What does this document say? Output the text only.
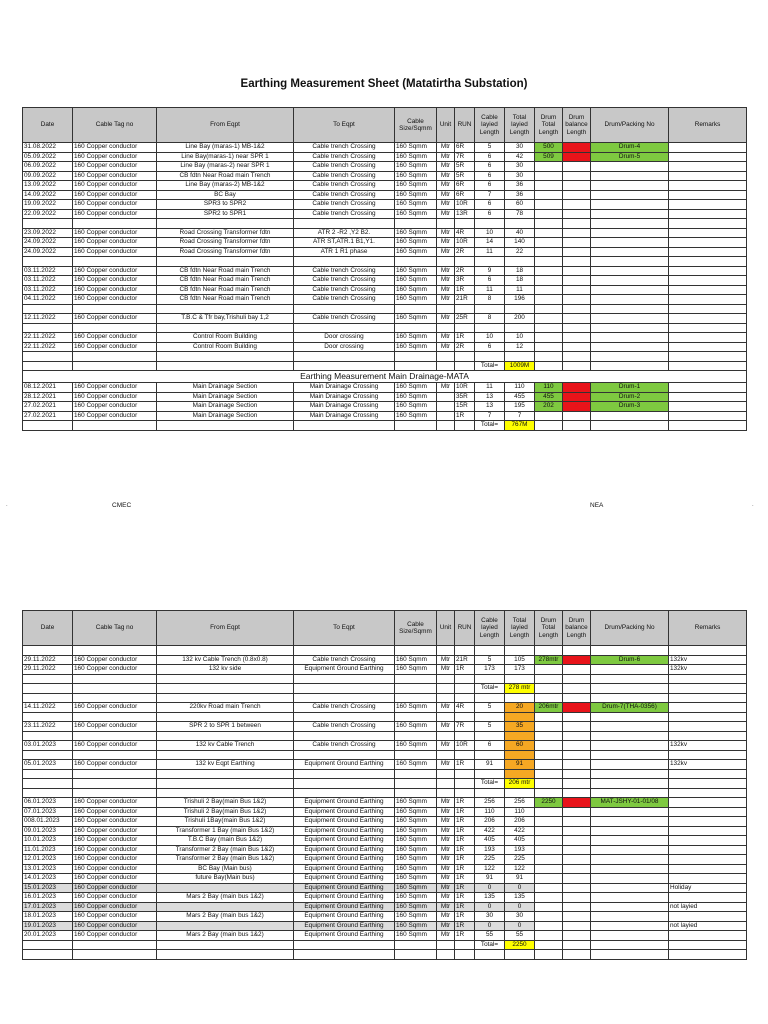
Earthing Measurement Sheet (Matatirtha Substation)
Date	Cable Tag no	From Eqpt	To Eqpt	Cable Size/Sqmm	Unit	RUN	Cable layied Length	Total layied Length	Drum Total Length	Drum balance Length	Drum/Packing No	Remarks
31.08.2022	160 Copper conductor	Line Bay (maras-1) MB-1&2	Cable trench Crossing	160 Sqmm	Mtr	6R	5	30	500	0	Drum-4	
05.09.2022	160 Copper conductor	Line Bay(maras-1) near SPR 1	Cable trench Crossing	160 Sqmm	Mtr	7R	6	42	509	0	Drum-5	
06.09.2022	160 Copper conductor	Line Bay (maras-2) near SPR 1	Cable trench Crossing	160 Sqmm	Mtr	5R	6	30				
09.09.2022	160 Copper conductor	CB fdtn Near Road main Trench	Cable trench Crossing	160 Sqmm	Mtr	5R	6	30				
13.09.2022	160 Copper conductor	Line Bay (maras-2) MB-1&2	Cable trench Crossing	160 Sqmm	Mtr	6R	6	36				
14.09.2022	160 Copper conductor	BC Bay	Cable trench Crossing	160 Sqmm	Mtr	6R	7	36				
19.09.2022	160 Copper conductor	SPR3 to SPR2	Cable trench Crossing	160 Sqmm	Mtr	10R	6	60				
22.09.2022	160 Copper conductor	SPR2 to SPR1	Cable trench Crossing	160 Sqmm	Mtr	13R	6	78				

23.09.2022	160 Copper conductor	Road Crossing Transformer fdtn	ATR 2 -R2 ,Y2 B2.	160 Sqmm	Mtr	4R	10	40				
24.09.2022	160 Copper conductor	Road Crossing Transformer fdtn	ATR ST,ATR.1 B1,Y1.	160 Sqmm	Mtr	10R	14	140				
24.09.2022	160 Copper conductor	Road Crossing Transformer fdtn	ATR 1 R1 phase	160 Sqmm	Mtr	2R	11	22				

03.11.2022	160 Copper conductor	CB fdtn Near Road main Trench	Cable trench Crossing	160 Sqmm	Mtr	2R	9	18				
03.11.2022	160 Copper conductor	CB fdtn Near Road main Trench	Cable trench Crossing	160 Sqmm	Mtr	3R	6	18				
03.11.2022	160 Copper conductor	CB fdtn Near Road main Trench	Cable trench Crossing	160 Sqmm	Mtr	1R	11	11				
04.11.2022	160 Copper conductor	CB fdtn Near Road main Trench	Cable trench Crossing	160 Sqmm	Mtr	21R	8	196				

12.11.2022	160 Copper conductor	T.B.C & Tfr bay,Trishuli bay 1,2	Cable trench Crossing	160 Sqmm	Mtr	25R	8	200				

22.11.2022	160 Copper conductor	Control Room Building	Door crossing	160 Sqmm	Mtr	1R	10	10				
22.11.2022	160 Copper conductor	Control Room Building	Door crossing	160 Sqmm	Mtr	2R	6	12				

							Total=	1009M				
Earthing Measurement Main Drainage-MATA												
08.12.2021	160 Copper conductor	Main Drainage Section	Main Drainage Crossing	160 Sqmm	Mtr	10R	11	110	110	0	Drum-1	
28.12.2021	160 Copper conductor	Main Drainage Section	Main Drainage Crossing	160 Sqmm		35R	13	455	455	0	Drum-2	
27.02.2021	160 Copper conductor	Main Drainage Section	Main Drainage Crossing	160 Sqmm		15R	13	195	202	0	Drum-3	
27.02.2021	160 Copper conductor	Main Drainage Section	Main Drainage Crossing	160 Sqmm		1R	7	7				
							Total=	767M				
CMEC	NEA
.	.
Date	Cable Tag no	From Eqpt	To Eqpt	Cable Size/Sqmm	Unit	RUN	Cable layied Length	Total layied Length	Drum Total Length	Drum balance Length	Drum/Packing No	Remarks

29.11.2022	160 Copper conductor	132 kv Cable Trench (0.8x0.8)	Cable trench Crossing	160 Sqmm	Mtr	21R	5	105	278mtr	0	Drum-6	132kv
29.11.2022	160 Copper conductor	132 kv side	Equipment Ground Earthing	160 Sqmm	Mtr	1R	173	173				132kv

							Total=	278 mtr				

14.11.2022	160 Copper conductor	220kv Road main Trench	Cable trench Crossing	160 Sqmm	Mtr	4R	5	20	206mtr	0	Drum-7(THA-0356)	

23.11.2022	160 Copper conductor	SPR 2 to SPR 1 between	Cable trench Crossing	160 Sqmm	Mtr	7R	5	35				

03.01.2023	160 Copper conductor	132 kv Cable Trench	Cable trench Crossing	160 Sqmm	Mtr	10R	6	60				132kv

05.01.2023	160 Copper conductor	132 kv Eqpt Earthing	Equipment Ground Earthing	160 Sqmm	Mtr	1R	91	91				132kv

							Total=	206 mtr				

06.01.2023	160 Copper conductor	Trishuli 2 Bay(main Bus 1&2)	Equipment Ground Earthing	160 Sqmm	Mtr	1R	256	256	2250	0	MAT-JSHY-01-01/08	
07.01.2023	160 Copper conductor	Trishuli 2 Bay(main Bus 1&2)	Equipment Ground Earthing	160 Sqmm	Mtr	1R	110	110				
008.01.2023	160 Copper conductor	Trishuli 1Bay(main Bus 1&2)	Equipment Ground Earthing	160 Sqmm	Mtr	1R	206	206				
09.01.2023	160 Copper conductor	Transformer 1 Bay (main Bus 1&2)	Equipment Ground Earthing	160 Sqmm	Mtr	1R	422	422				
10.01.2023	160 Copper conductor	T.B.C Bay (main Bus 1&2)	Equipment Ground Earthing	160 Sqmm	Mtr	1R	405	405				
11.01.2023	160 Copper conductor	Transformer 2 Bay (main Bus 1&2)	Equipment Ground Earthing	160 Sqmm	Mtr	1R	193	193				
12.01.2023	160 Copper conductor	Transformer 2 Bay (main Bus 1&2)	Equipment Ground Earthing	160 Sqmm	Mtr	1R	225	225				
13.01.2023	160 Copper conductor	BC Bay (Main bus)	Equipment Ground Earthing	160 Sqmm	Mtr	1R	122	122				
14.01.2023	160 Copper conductor	future Bay(Main bus)	Equipment Ground Earthing	160 Sqmm	Mtr	1R	91	91				
15.01.2023	160 Copper conductor		Equipment Ground Earthing	160 Sqmm	Mtr	1R	0	0				Holiday
16.01.2023	160 Copper conductor	Mars 2 Bay (main bus 1&2)	Equipment Ground Earthing	160 Sqmm	Mtr	1R	135	135				
17.01.2023	160 Copper conductor		Equipment Ground Earthing	160 Sqmm	Mtr	1R	0	0				not layied
18.01.2023	160 Copper conductor	Mars 2 Bay (main bus 1&2)	Equipment Ground Earthing	160 Sqmm	Mtr	1R	30	30				
19.01.2023	160 Copper conductor		Equipment Ground Earthing	160 Sqmm	Mtr	1R	0	0				not layied
20.01.2023	160 Copper conductor	Mars 2 Bay (main bus 1&2)	Equipment Ground Earthing	160 Sqmm	Mtr	1R	55	55				
							Total=	2250				
